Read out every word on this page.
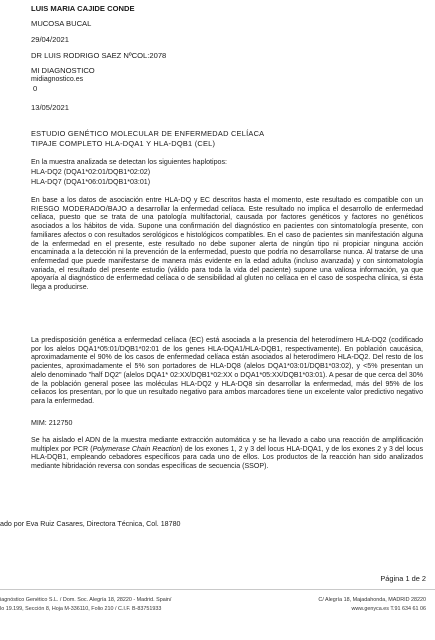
LUIS MARIA CAJIDE CONDE
MUCOSA BUCAL
29/04/2021
DR LUIS RODRIGO SAEZ NºCOL:2078
MI DIAGNOSTICO
midiagnostico.es
0
13/05/2021
ESTUDIO GENÉTICO MOLECULAR DE ENFERMEDAD CELÍACA
TIPAJE COMPLETO HLA-DQA1 Y HLA-DQB1 (CEL)
En la muestra analizada se detectan los siguientes haplotipos:
HLA-DQ2 (DQA1*02:01/DQB1*02:02)
HLA-DQ7 (DQA1*06:01/DQB1*03:01)
En base a los datos de asociación entre HLA-DQ y EC descritos hasta el momento, este resultado es compatible con un RIESGO MODERADO/BAJO a desarrollar la enfermedad celíaca. Este resultado no implica el desarrollo de enfermedad celíaca, puesto que se trata de una patología multifactorial, causada por factores genéticos y factores no genéticos asociados a los hábitos de vida. Supone una confirmación del diagnóstico en pacientes con sintomatología presente, con familiares afectos o con resultados serológicos e histológicos compatibles. En el caso de pacientes sin manifestación alguna de la enfermedad en el presente, este resultado no debe suponer alerta de ningún tipo ni propiciar ninguna acción encaminada a la detección ni la prevención de la enfermedad, puesto que podría no desarrollarse nunca. Al tratarse de una enfermedad que puede manifestarse de manera más evidente en la edad adulta (incluso avanzada) y con sintomatología variada, el resultado del presente estudio (válido para toda la vida del paciente) supone una valiosa información, ya que apoyaría al diagnóstico de enfermedad celíaca o de sensibilidad al gluten no celíaca en el caso de sospecha clínica, si ésta llega a producirse.
La predisposición genética a enfermedad celíaca (EC) está asociada a la presencia del heterodímero HLA-DQ2 (codificado por los alelos DQA1*05:01/DQB1*02:01 de los genes HLA-DQA1/HLA-DQB1, respectivamente). En población caucásica, aproximadamente el 90% de los casos de enfermedad celíaca están asociados al heterodímero HLA-DQ2. Del resto de los pacientes, aproximadamente el 5% son portadores de HLA-DQ8 (alelos DQA1*03:01/DQB1*03:02), y <5% presentan un alelo denominado "half DQ2" (alelos DQA1* 02:XX/DQB1*02:XX o DQA1*05:XX/DQB1*03:01). A pesar de que cerca del 30% de la población general posee las moléculas HLA-DQ2 y HLA-DQ8 sin desarrollar la enfermedad, más del 95% de los celiacos los presentan, por lo que un resultado negativo para ambos marcadores tiene un excelente valor predictivo negativo para la enfermedad.
MIM: 212750
Se ha aislado el ADN de la muestra mediante extracción automática y se ha llevado a cabo una reacción de amplificación multiplex por PCR (Polymerase Chain Reaction) de los exones 1, 2 y 3 del locus HLA-DQA1, y de los exones 2 y 3 del locus HLA-DQB1, empleando cebadores específicos para cada uno de ellos. Los productos de la reacción han sido analizados mediante hibridación reversa con sondas específicas de secuencia (SSOP).
ado por Eva Ruiz Casares, Directora Técnica, Col. 18780
Página 1 de 2
iagnóstico Genético S.L. / Dom. Soc. Alegría 18, 28220 - Madrid. Spain/
lo 19.199, Sección 8, Hoja M-336110, Folio 210 / C.I.F. B-83751933
C/ Alegría 18, Majadahonda, MADRID 28220
www.genyca.es T.91 634 61 06
